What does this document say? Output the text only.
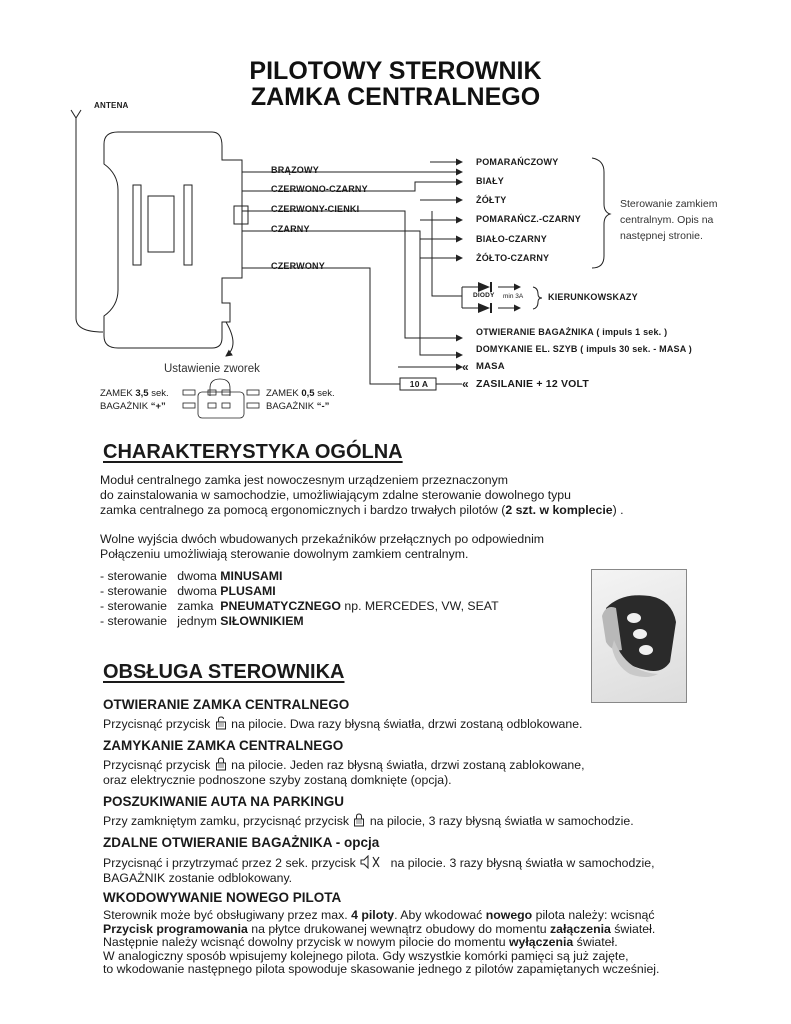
PILOTOWY STEROWNIK
ZAMKA CENTRALNEGO
«
«
ANTENA
BRĄZOWY
CZERWONO-CZARNY
CZERWONY-CIENKI
CZARNY
CZERWONY
POMARAŃCZOWY
BIAŁY
ŻÓŁTY
POMARAŃCZ.-CZARNY
BIAŁO-CZARNY
ŻÓŁTO-CZARNY
Sterowanie zamkiem
centralnym. Opis na
następnej stronie.
DIODY min 3A	KIERUNKOWSKAZY
OTWIERANIE BAGAŻNIKA ( impuls 1 sek. )
DOMYKANIE EL. SZYB ( impuls 30 sek. - MASA )
MASA
ZASILANIE + 12 VOLT
10 A
Ustawienie zworek
ZAMEK 3,5 sek.
BAGAŻNIK “+”
ZAMEK 0,5 sek.
BAGAŻNIK “-”
CHARAKTERYSTYKA OGÓLNA
Moduł centralnego zamka jest nowoczesnym urządzeniem przeznaczonym
do zainstalowania w samochodzie, umożliwiającym zdalne sterowanie dowolnego typu
zamka centralnego za pomocą ergonomicznych i bardzo trwałych pilotów (2 szt. w komplecie) .
Wolne wyjścia dwóch wbudowanych przekaźników przełącznych po odpowiednim
Połączeniu umożliwiają sterowanie dowolnym zamkiem centralnym.
- sterowanie   dwoma MINUSAMI
- sterowanie   dwoma PLUSAMI
- sterowanie   zamka  PNEUMATYCZNEGO np. MERCEDES, VW, SEAT
- sterowanie   jednym SIŁOWNIKIEM
OBSŁUGA STEROWNIKA
OTWIERANIE ZAMKA CENTRALNEGO
Przycisnąć przycisk na pilocie. Dwa razy błysną światła, drzwi zostaną odblokowane.
ZAMYKANIE ZAMKA CENTRALNEGO
Przycisnąć przycisk na pilocie. Jeden raz błysną światła, drzwi zostaną zablokowane,
oraz elektrycznie podnoszone szyby zostaną domknięte (opcja).
POSZUKIWANIE AUTA NA PARKINGU
Przy zamkniętym zamku, przycisnąć przycisk na pilocie, 3 razy błysną światła w samochodzie.
ZDALNE OTWIERANIE BAGAŻNIKA - opcja
Przycisnąć i przytrzymać przez 2 sek. przycisk	na pilocie. 3 razy błysną światła w samochodzie,
BAGAŻNIK zostanie odblokowany.
WKODOWYWANIE NOWEGO PILOTA
Sterownik może być obsługiwany przez max. 4 piloty. Aby wkodować nowego pilota należy: wcisnąć
Przycisk programowania na płytce drukowanej wewnątrz obudowy do momentu załączenia świateł.
Następnie należy wcisnąć dowolny przycisk w nowym pilocie do momentu wyłączenia świateł.
W analogiczny sposób wpisujemy kolejnego pilota. Gdy wszystkie komórki pamięci są już zajęte,
to wkodowanie następnego pilota spowoduje skasowanie jednego z pilotów zapamiętanych wcześniej.
